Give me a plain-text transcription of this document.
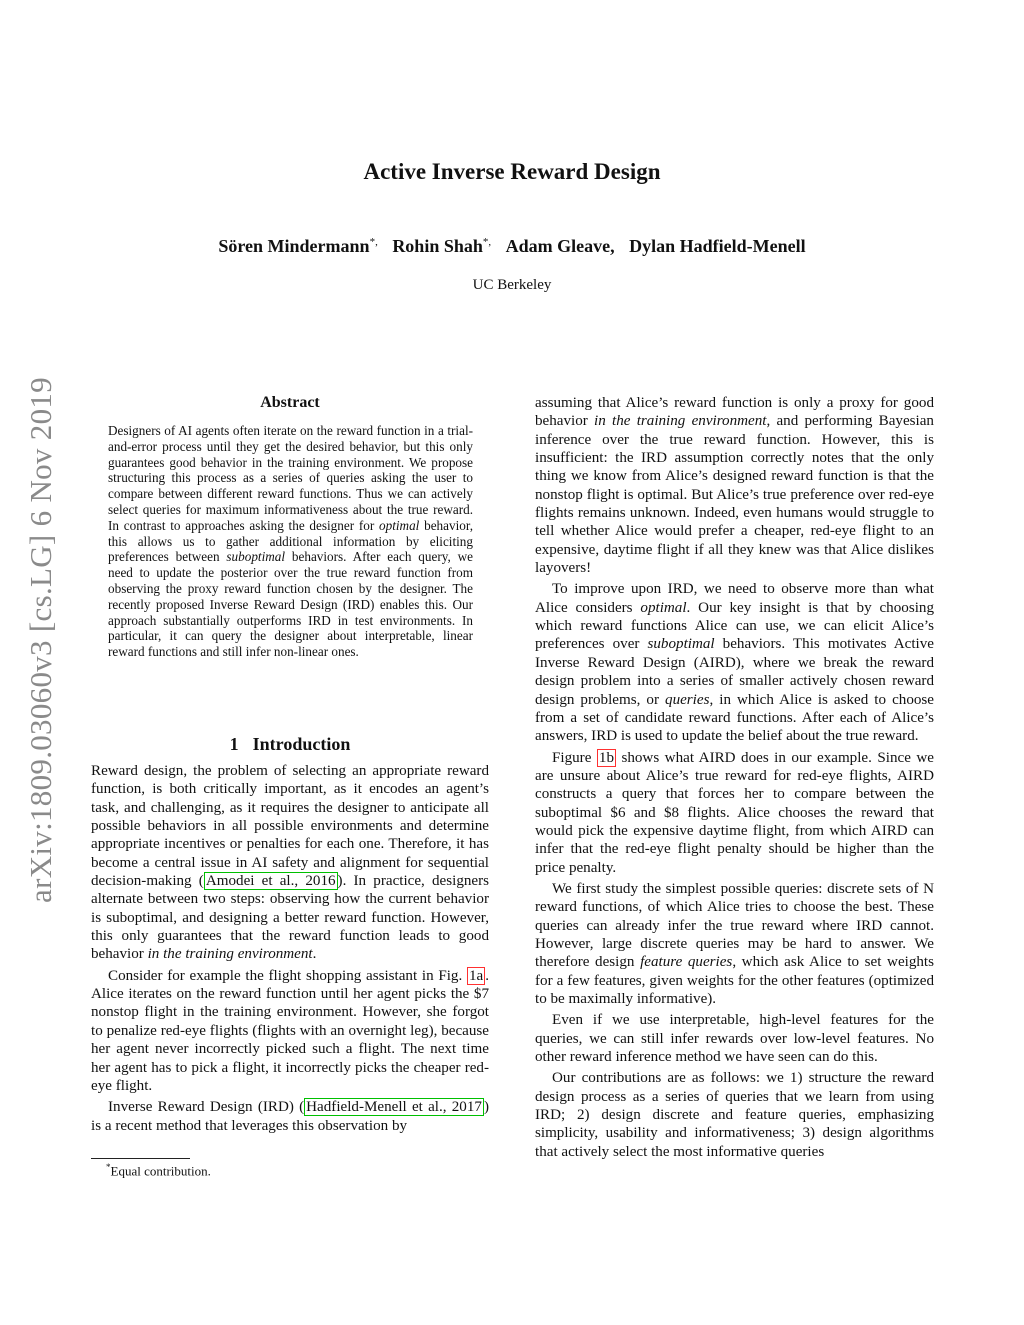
Active Inverse Reward Design
Sören Mindermann*, Rohin Shah*, Adam Gleave, Dylan Hadfield-Menell
UC Berkeley
arXiv:1809.03060v3 [cs.LG] 6 Nov 2019	Abstract

Designers of AI agents often iterate on the reward function in a trial-and-error process until they get the desired behavior, but this only guarantees good behavior in the training environment. We propose structuring this process as a series of queries asking the user to compare between different reward functions. Thus we can actively select queries for maximum informativeness about the true reward. In contrast to approaches asking the designer for optimal behavior, this allows us to gather additional information by eliciting preferences between suboptimal behaviors. After each query, we need to update the posterior over the true reward function from observing the proxy reward function chosen by the designer. The recently proposed Inverse Reward Design (IRD) enables this. Our approach substantially outperforms IRD in test environments. In particular, it can query the designer about interpretable, linear reward functions and still infer non-linear ones.

1 Introduction

Reward design, the problem of selecting an appropriate reward function, is both critically important, as it encodes an agent’s task, and challenging, as it requires the designer to anticipate all possible behaviors in all possible environments and determine appropriate incentives or penalties for each one. Therefore, it has become a central issue in AI safety and alignment for sequential decision-making ( Amodei et al., 2016 ). In practice, designers alternate between two steps: observing how the current behavior is suboptimal, and designing a better reward function. However, this only guarantees that the reward function leads to good behavior in the training environment.

Consider for example the flight shopping assistant in Fig. 1a . Alice iterates on the reward function until her agent picks the $7 nonstop flight in the training environment. However, she forgot to penalize red-eye flights (flights with an overnight leg), because her agent never incorrectly picked such a flight. The next time her agent has to pick a flight, it incorrectly picks the cheaper red-eye flight.

Inverse Reward Design (IRD) ( Hadfield-Menell et al., 2017 ) is a recent method that leverages this observation by

*Equal contribution.

assuming that Alice’s reward function is only a proxy for good behavior in the training environment, and performing Bayesian inference over the true reward function. However, this is insufficient: the IRD assumption correctly notes that the only thing we know from Alice’s designed reward function is that the nonstop flight is optimal. But Alice’s true preference over red-eye flights remains unknown. Indeed, even humans would struggle to tell whether Alice would prefer a cheaper, red-eye flight to an expensive, daytime flight if all they knew was that Alice dislikes layovers!

To improve upon IRD, we need to observe more than what Alice considers optimal. Our key insight is that by choosing which reward functions Alice can use, we can elicit Alice’s preferences over suboptimal behaviors. This motivates Active Inverse Reward Design (AIRD), where we break the reward design problem into a series of smaller actively chosen reward design problems, or queries, in which Alice is asked to choose from a set of candidate reward functions. After each of Alice’s answers, IRD is used to update the belief about the true reward.

Figure 1b shows what AIRD does in our example. Since we are unsure about Alice’s true reward for red-eye flights, AIRD constructs a query that forces her to compare between the suboptimal $6 and $8 flights. Alice chooses the reward that would pick the expensive daytime flight, from which AIRD can infer that the red-eye flight penalty should be higher than the price penalty.

We first study the simplest possible queries: discrete sets of N reward functions, of which Alice tries to choose the best. These queries can already infer the true reward where IRD cannot. However, large discrete queries may be hard to answer. We therefore design feature queries, which ask Alice to set weights for a few features, given weights for the other features (optimized to be maximally informative).

Even if we use interpretable, high-level features for the queries, we can still infer rewards over low-level features. No other reward inference method we have seen can do this.

Our contributions are as follows: we 1) structure the reward design process as a series of queries that we learn from using IRD; 2) design discrete and feature queries, emphasizing simplicity, usability and informativeness; 3) design algorithms that actively select the most informative queries
